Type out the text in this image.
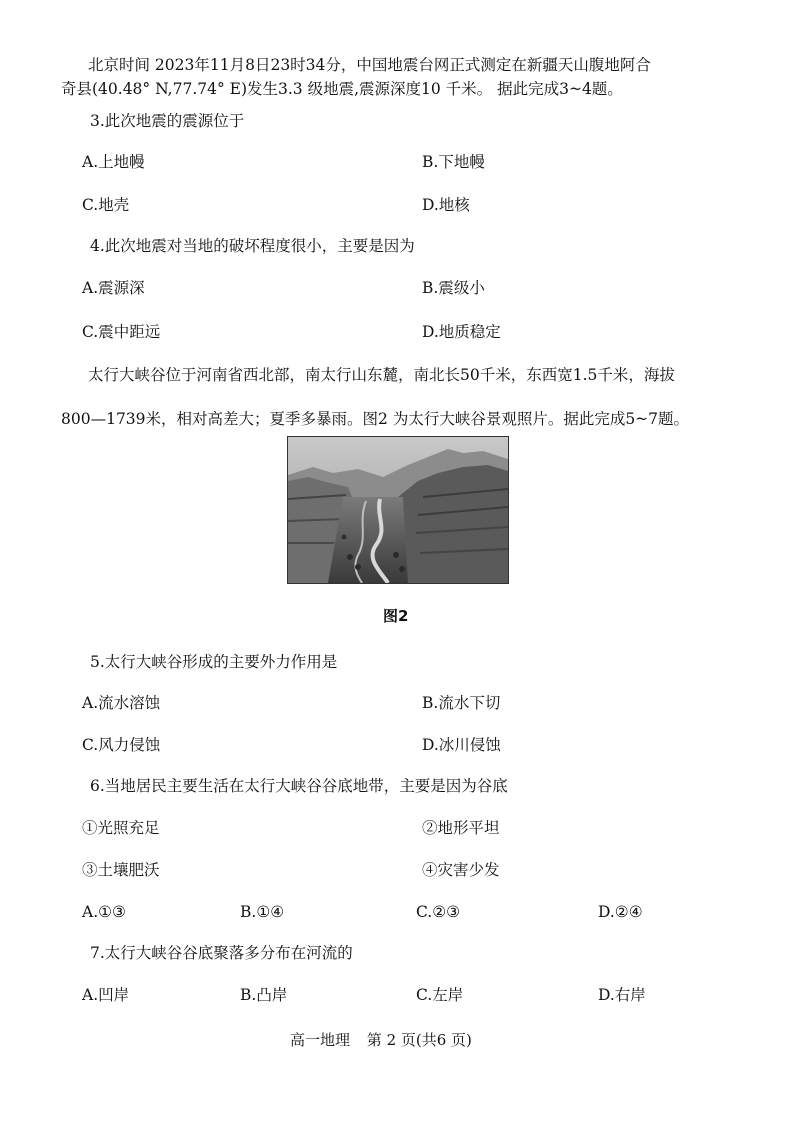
北京时间 2023年11月8日23时34分，中国地震台网正式测定在新疆天山腹地阿合

奇县(40.48° N,77.74° E)发生3.3 级地震,震源深度10 千米。 据此完成3~4题。

3.此次地震的震源位于

A.上地幔	B.下地幔
C.地壳	D.地核

4.此次地震对当地的破坏程度很小，主要是因为

A.震源深	B.震级小
C.震中距远	D.地质稳定

太行大峡谷位于河南省西北部，南太行山东麓，南北长50千米，东西宽1.5千米，海拔

800—1739米，相对高差大；夏季多暴雨。图2 为太行大峡谷景观照片。据此完成5~7题。

图2

5.太行大峡谷形成的主要外力作用是

A.流水溶蚀	B.流水下切
C.风力侵蚀	D.冰川侵蚀

6.当地居民主要生活在太行大峡谷谷底地带，主要是因为谷底

①光照充足	②地形平坦
③土壤肥沃	④灾害少发
A.①③	B.①④	C.②③	D.②④

7.太行大峡谷谷底聚落多分布在河流的

A.凹岸	B.凸岸	C.左岸	D.右岸
高一地理 第 2 页(共6 页)
